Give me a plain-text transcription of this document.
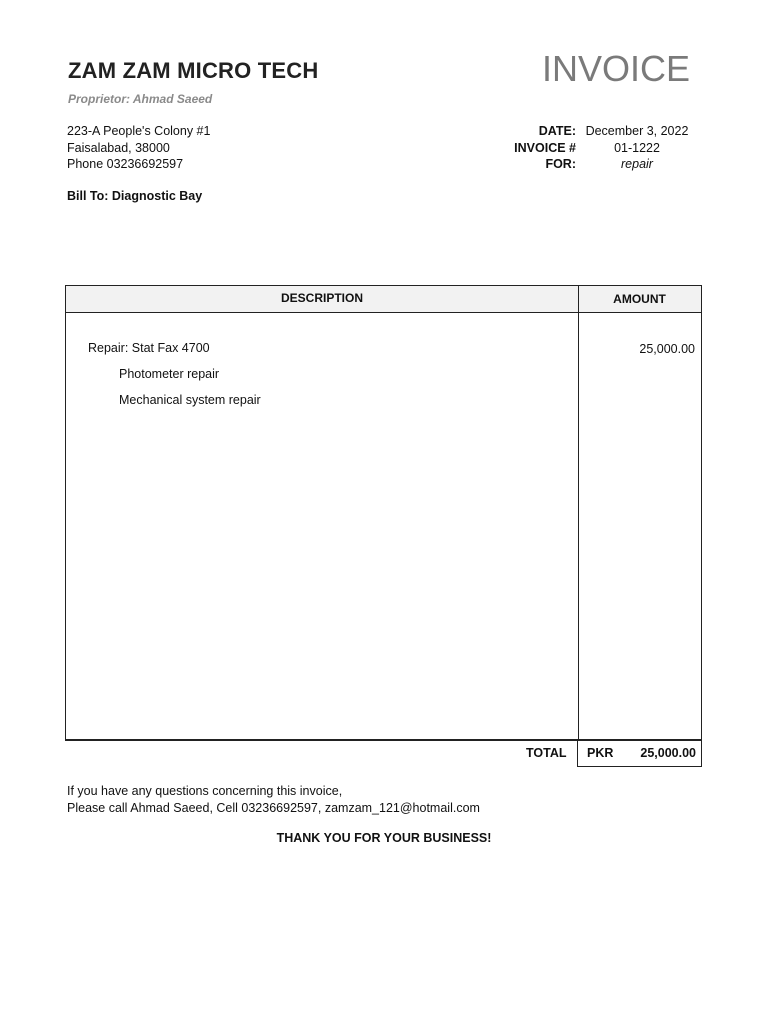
ZAM ZAM MICRO TECH
Proprietor: Ahmad Saeed
INVOICE
223-A People's Colony #1
Faisalabad, 38000
Phone 03236692597
DATE: December 3, 2022
INVOICE #	01-1222
FOR:	repair
Bill To: Diagnostic Bay
DESCRIPTION	AMOUNT
Repair: Stat Fax 4700	25,000.00
Photometer repair
Mechanical system repair
TOTAL PKR 25,000.00
If you have any questions concerning this invoice,
Please call Ahmad Saeed, Cell 03236692597, zamzam_121@hotmail.com
THANK YOU FOR YOUR BUSINESS!
